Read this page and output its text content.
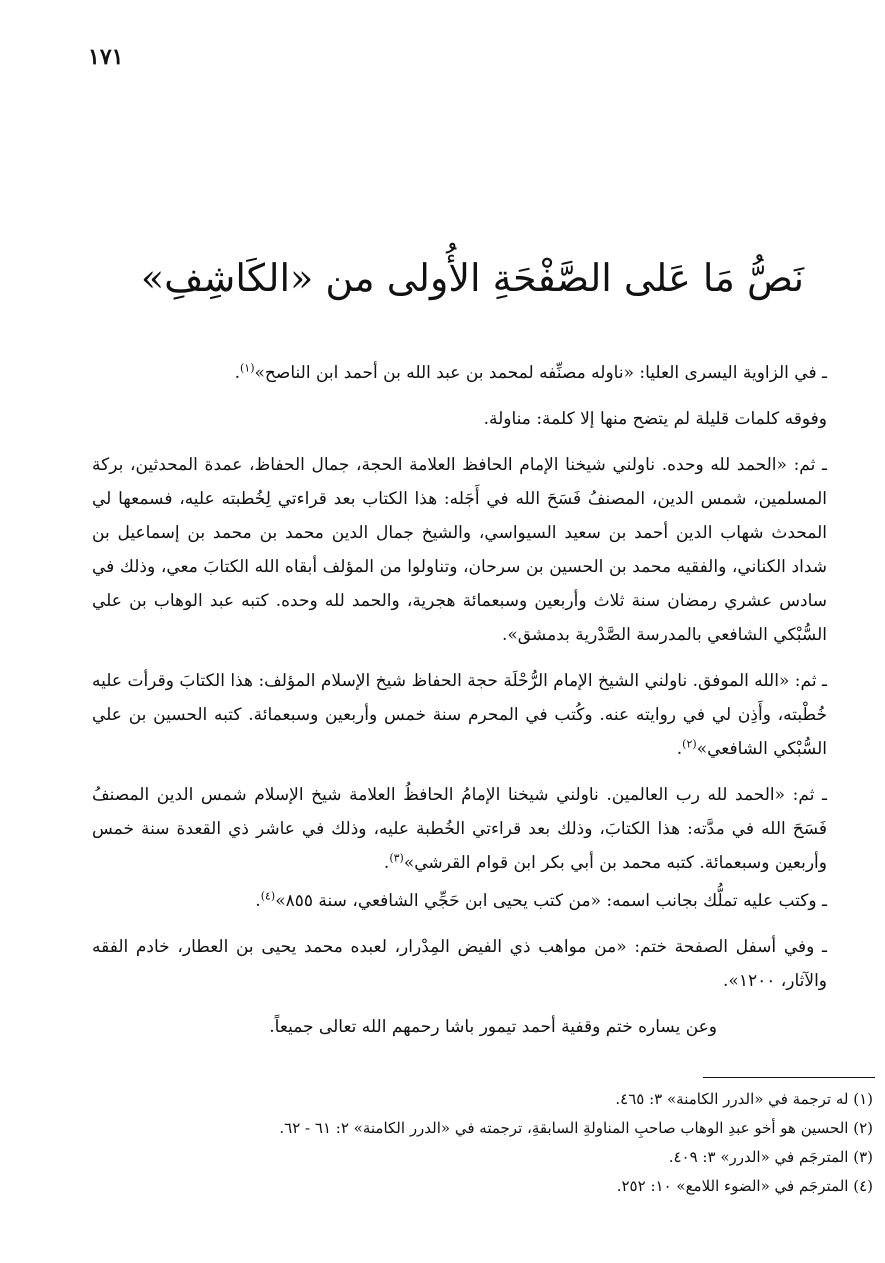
١٧١
نَصُّ مَا عَلى الصَّفْحَةِ الأُولى من «الكَاشِفِ»

ـ في الزاوية اليسرى العليا: «ناوله مصنِّفه لمحمد بن عبد الله بن أحمد ابن الناصح»$^{(١)}$.

وفوقه كلمات قليلة لم يتضح منها إلا كلمة: مناولة.

ـ ثم: «الحمد لله وحده. ناولني شيخنا الإمام الحافظ العلامة الحجة، جمال الحفاظ، عمدة المحدثين، بركة المسلمين، شمس الدين، المصنفُ فَسَحَ الله في أَجَله: هذا الكتاب بعد قراءتي لِخُطبته عليه، فسمعها لي المحدث شهاب الدين أحمد بن سعيد السيواسي، والشيخ جمال الدين محمد بن محمد بن إسماعيل بن شداد الكناني، والفقيه محمد بن الحسين بن سرحان، وتناولوا من المؤلف أبقاه الله الكتابَ معي، وذلك في سادس عشري رمضان سنة ثلاث وأربعين وسبعمائة هجرية، والحمد لله وحده. كتبه عبد الوهاب بن علي السُّبْكي الشافعي بالمدرسة الصَّدْرية بدمشق».

ـ ثم: «الله الموفق. ناولني الشيخ الإمام الرُّحْلَة حجة الحفاظ شيخ الإسلام المؤلف: هذا الكتابَ وقرأت عليه خُطْبته، وأَذِن لي في روايته عنه. وكُتب في المحرم سنة خمس وأربعين وسبعمائة. كتبه الحسين بن علي السُّبْكي الشافعي»$^{(٢)}$.

ـ ثم: «الحمد لله رب العالمين. ناولني شيخنا الإمامُ الحافظُ العلامة شيخ الإسلام شمس الدين المصنفُ فَسَحَ الله في مدَّته: هذا الكتابَ، وذلك بعد قراءتي الخُطبة عليه، وذلك في عاشر ذي القعدة سنة خمس وأربعين وسبعمائة. كتبه محمد بن أبي بكر ابن قوام القرشي»$^{(٣)}$.

ـ وكتب عليه تملُّك بجانب اسمه: «من كتب يحيى ابن حَجِّي الشافعي، سنة ٨٥٥»$^{(٤)}$.

ـ وفي أسفل الصفحة ختم: «من مواهب ذي الفيض المِدْرار، لعبده محمد يحيى بن العطار، خادم الفقه والآثار، ١٢٠٠».

وعن يساره ختم وقفية أحمد تيمور باشا رحمهم الله تعالى جميعاً.

(١) له ترجمة في «الدرر الكامنة» ٣: ٤٦٥.

(٢) الحسين هو أخو عبدِ الوهاب صاحبِ المناولةِ السابقةِ، ترجمته في «الدرر الكامنة» ٢: ٦١ - ٦٢.

(٣) المترجَم في «الدرر» ٣: ٤٠٩.

(٤) المترجَم في «الضوء اللامع» ١٠: ٢٥٢.
